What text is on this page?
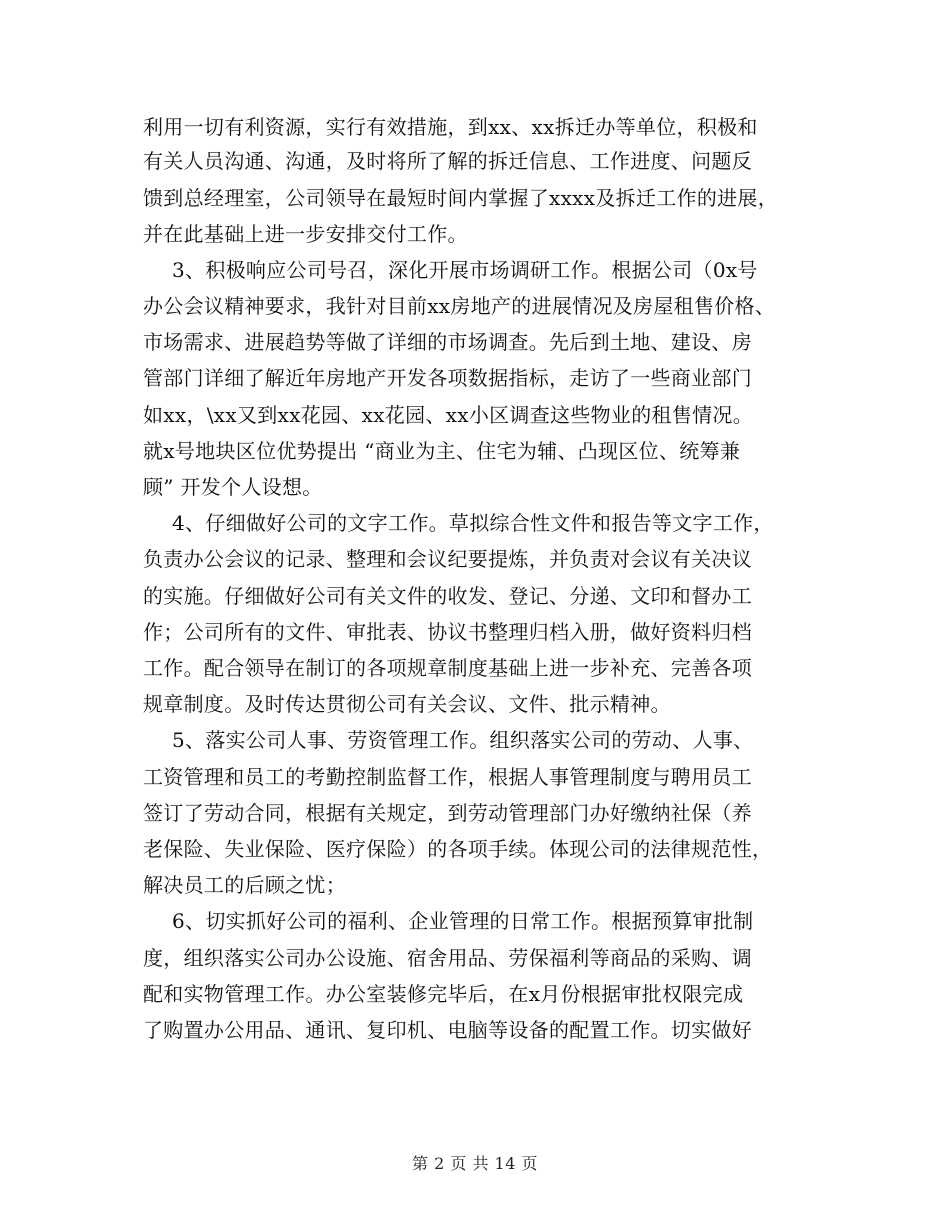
利用一切有利资源，实行有效措施，到xx、xx拆迁办等单位，积极和
有关人员沟通、沟通，及时将所了解的拆迁信息、工作进度、问题反
馈到总经理室，公司领导在最短时间内掌握了xxxx及拆迁工作的进展，
并在此基础上进一步安排交付工作。
3、积极响应公司号召，深化开展市场调研工作。根据公司（0x号
办公会议精神要求，我针对目前xx房地产的进展情况及房屋租售价格、
市场需求、进展趋势等做了详细的市场调查。先后到土地、建设、房
管部门详细了解近年房地产开发各项数据指标，走访了一些商业部门
如xx，\xx又到xx花园、xx花园、xx小区调查这些物业的租售情况。
就x号地块区位优势提出 “商业为主、住宅为辅、凸现区位、统筹兼
顾” 开发个人设想。
4、仔细做好公司的文字工作。草拟综合性文件和报告等文字工作，
负责办公会议的记录、整理和会议纪要提炼，并负责对会议有关决议
的实施。仔细做好公司有关文件的收发、登记、分递、文印和督办工
作；公司所有的文件、审批表、协议书整理归档入册，做好资料归档
工作。配合领导在制订的各项规章制度基础上进一步补充、完善各项
规章制度。及时传达贯彻公司有关会议、文件、批示精神。
5、落实公司人事、劳资管理工作。组织落实公司的劳动、人事、
工资管理和员工的考勤控制监督工作，根据人事管理制度与聘用员工
签订了劳动合同，根据有关规定，到劳动管理部门办好缴纳社保（养
老保险、失业保险、医疗保险）的各项手续。体现公司的法律规范性，
解决员工的后顾之忧；
6、切实抓好公司的福利、企业管理的日常工作。根据预算审批制
度，组织落实公司办公设施、宿舍用品、劳保福利等商品的采购、调
配和实物管理工作。办公室装修完毕后，在x月份根据审批权限完成
了购置办公用品、通讯、复印机、电脑等设备的配置工作。切实做好
第 2 页 共 14 页
